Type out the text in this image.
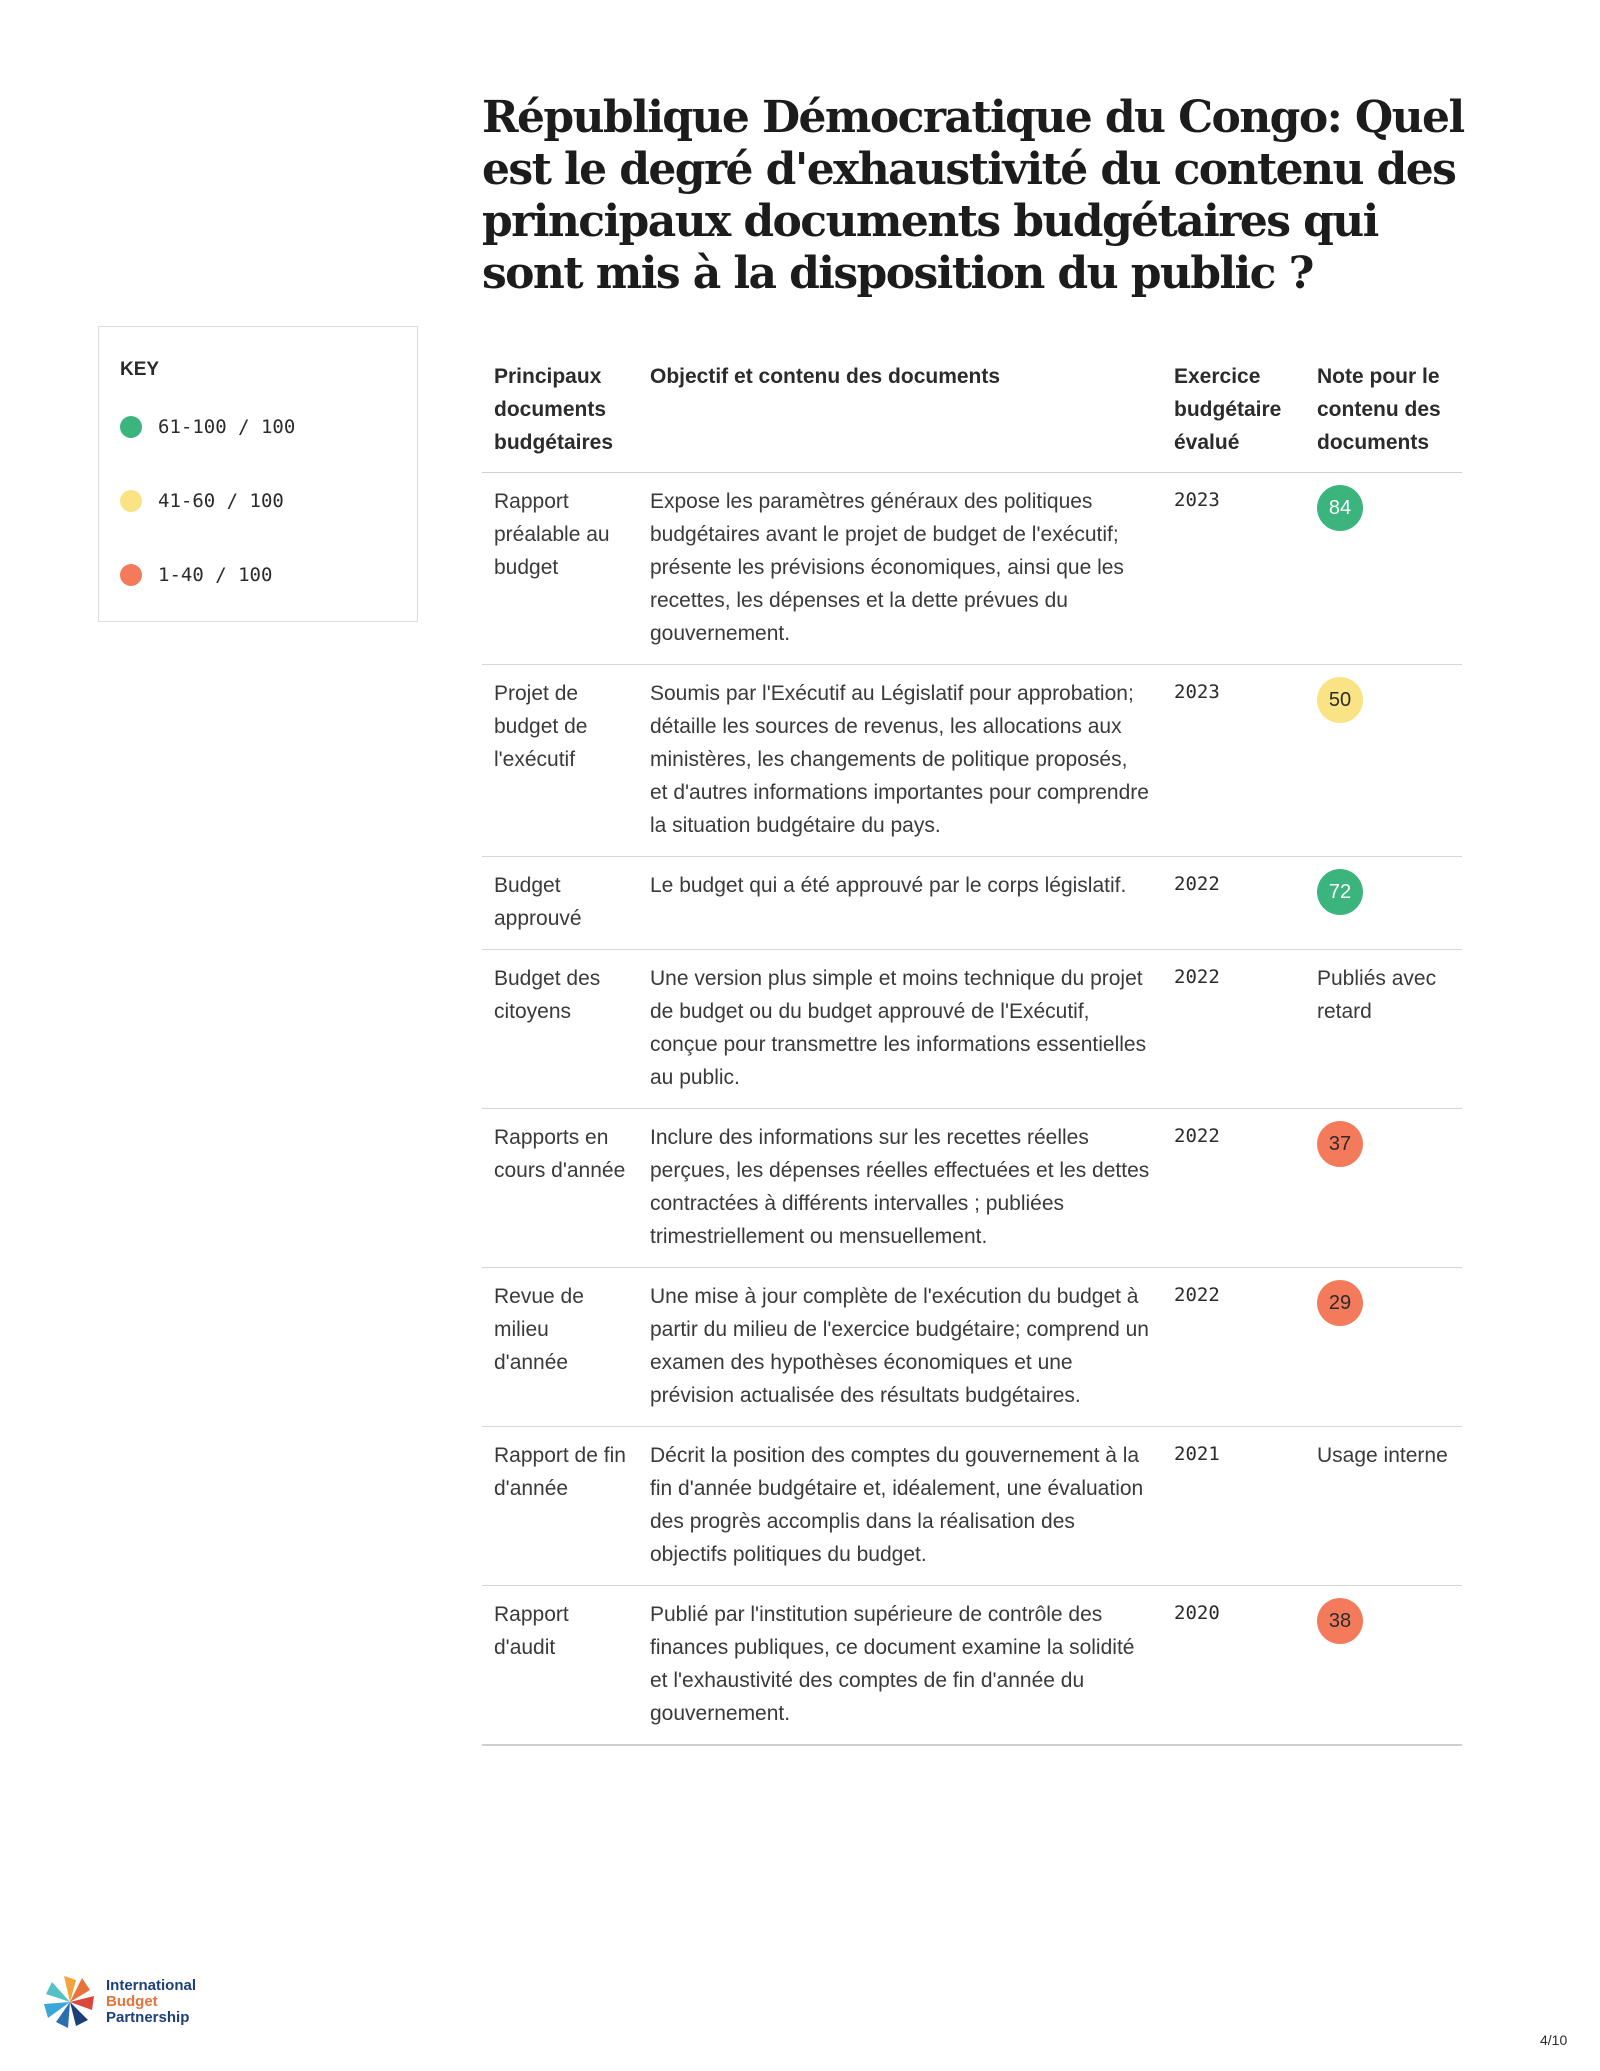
République Démocratique du Congo: Quel est le degré d'exhaustivité du contenu des principaux documents budgétaires qui sont mis à la disposition du public ?
KEY
61-100 / 100
41-60 / 100
1-40 / 100
Principaux documents budgétaires	Objectif et contenu des documents	Exercice budgétaire évalué	Note pour le contenu des documents
Rapport préalable au budget	Expose les paramètres généraux des politiques budgétaires avant le projet de budget de l'exécutif; présente les prévisions économiques, ainsi que les recettes, les dépenses et la dette prévues du gouvernement.	2023	84
Projet de budget de l'exécutif	Soumis par l'Exécutif au Législatif pour approbation; détaille les sources de revenus, les allocations aux ministères, les changements de politique proposés, et d'autres informations importantes pour comprendre la situation budgétaire du pays.	2023	50
Budget approuvé	Le budget qui a été approuvé par le corps législatif.	2022	72
Budget des citoyens	Une version plus simple et moins technique du projet de budget ou du budget approuvé de l'Exécutif, conçue pour transmettre les informations essentielles au public.	2022	Publiés avec retard
Rapports en cours d'année	Inclure des informations sur les recettes réelles perçues, les dépenses réelles effectuées et les dettes contractées à différents intervalles ; publiées trimestriellement ou mensuellement.	2022	37
Revue de milieu d'année	Une mise à jour complète de l'exécution du budget à partir du milieu de l'exercice budgétaire; comprend un examen des hypothèses économiques et une prévision actualisée des résultats budgétaires.	2022	29
Rapport de fin d'année	Décrit la position des comptes du gouvernement à la fin d'année budgétaire et, idéalement, une évaluation des progrès accomplis dans la réalisation des objectifs politiques du budget.	2021	Usage interne
Rapport d'audit	Publié par l'institution supérieure de contrôle des finances publiques, ce document examine la solidité et l'exhaustivité des comptes de fin d'année du gouvernement.	2020	38
International
Budget
Partnership
4/10
